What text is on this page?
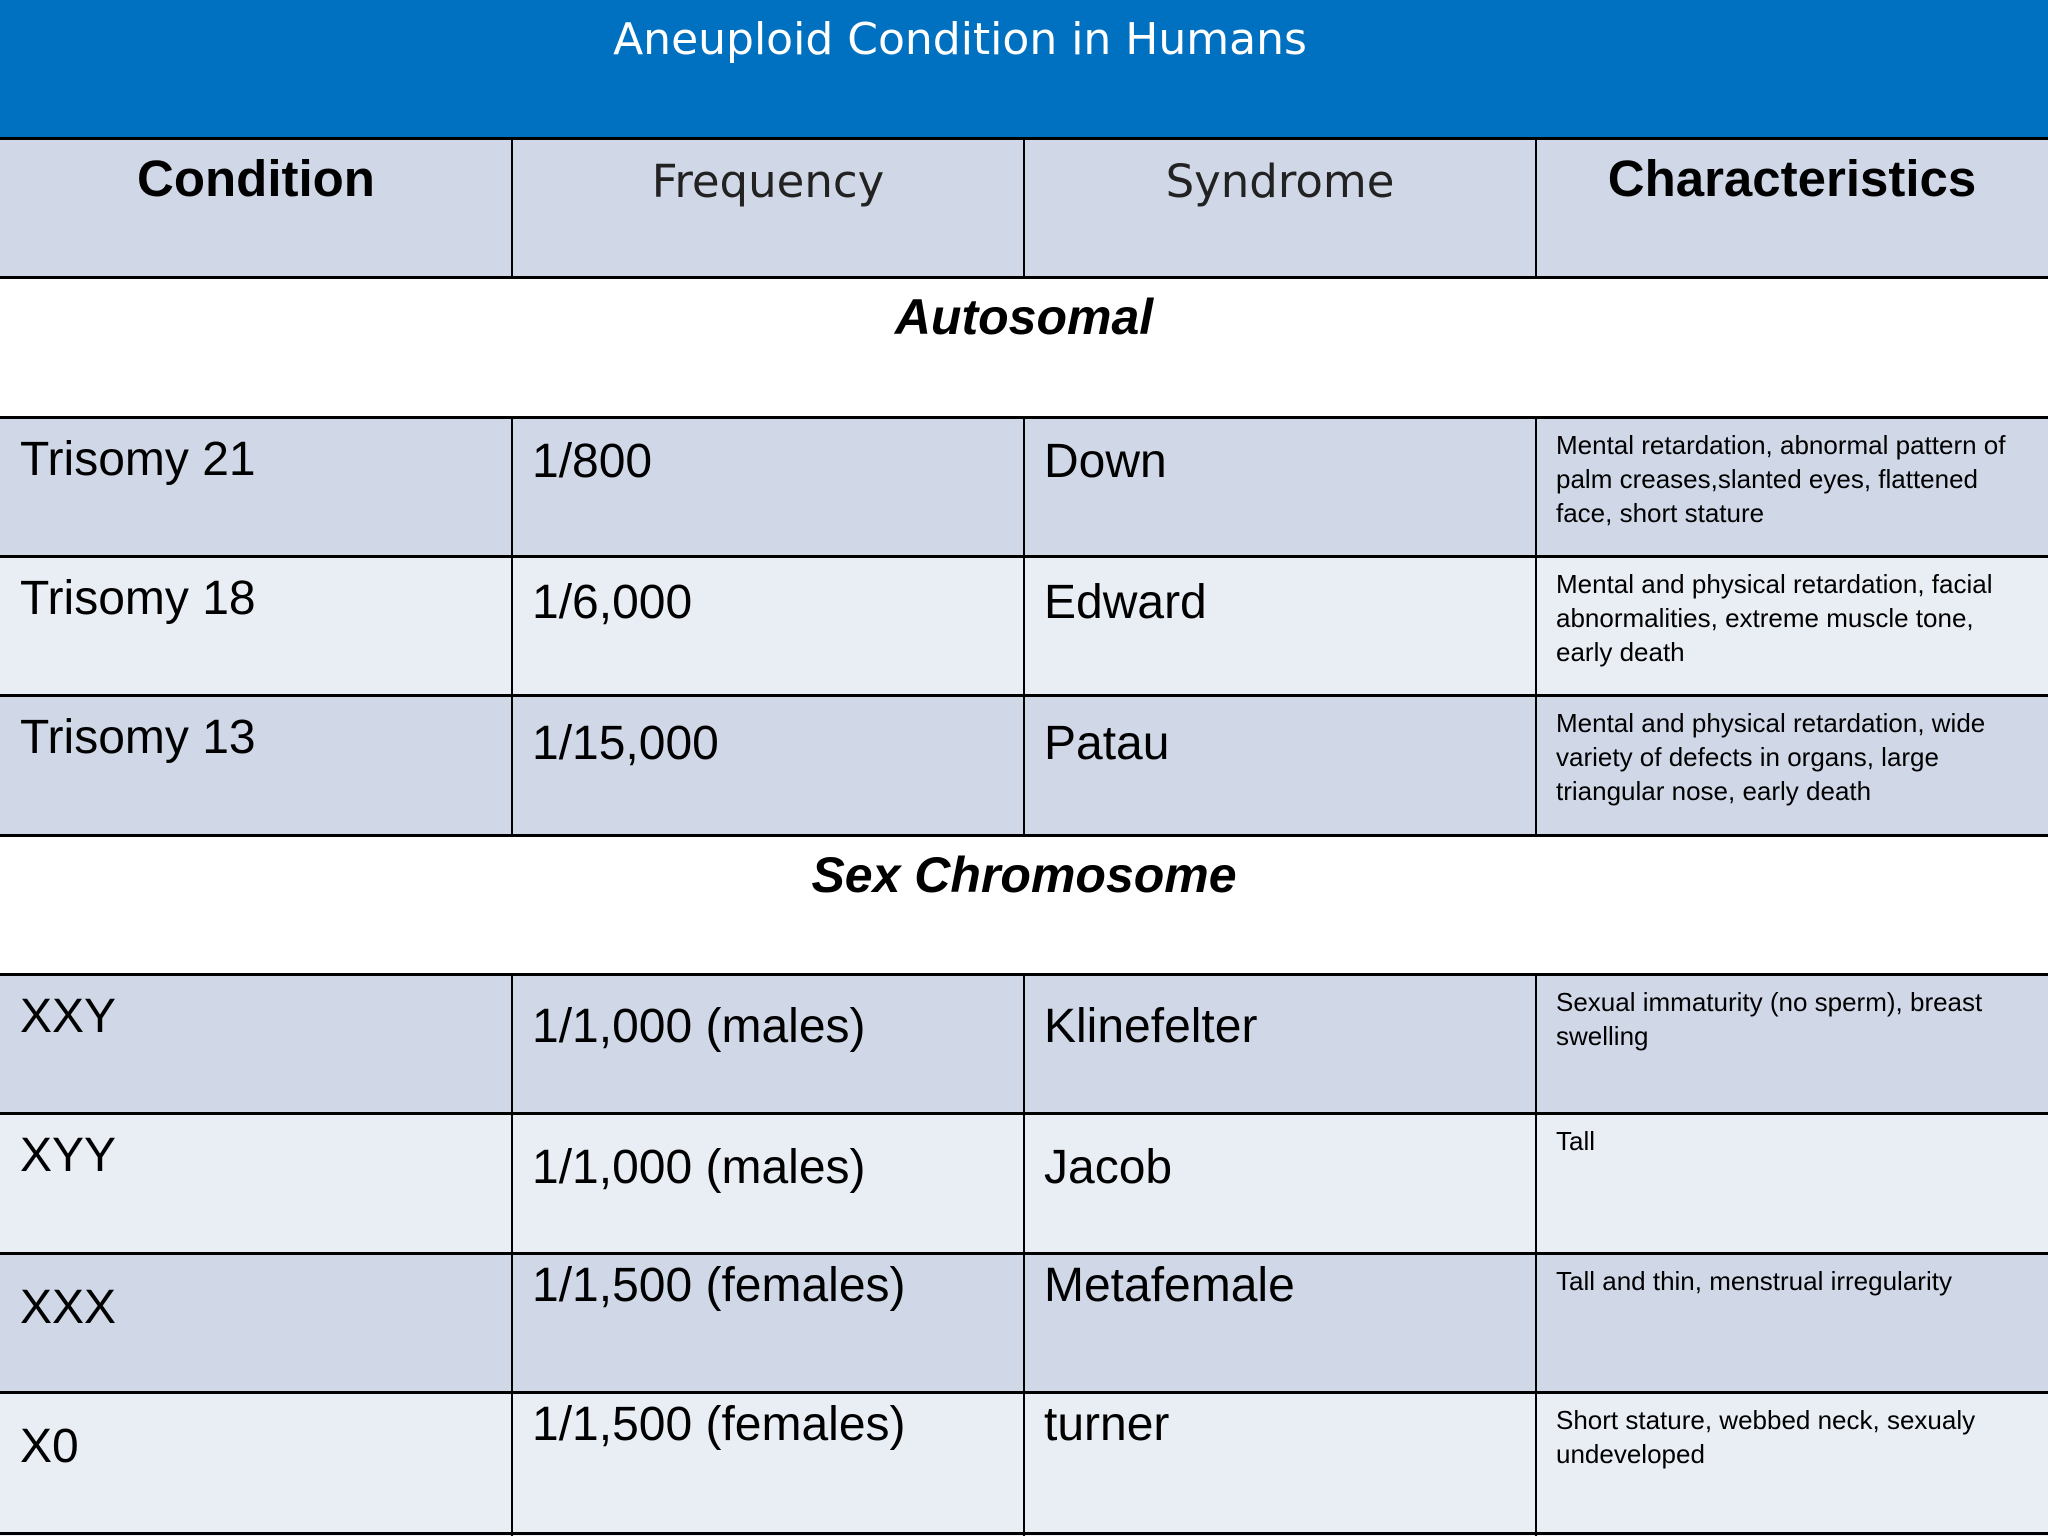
Aneuploid Condition in Humans
Condition	Frequency	Syndrome	Characteristics
Autosomal
Trisomy 21	1/800	Down	Mental retardation, abnormal pattern of palm creases,slanted eyes, flattened face, short stature
Trisomy 18	1/6,000	Edward	Mental and physical retardation, facial abnormalities, extreme muscle tone, early death
Trisomy 13	1/15,000	Patau	Mental and physical retardation, wide variety of defects in organs, large triangular nose, early death
Sex Chromosome
XXY	1/1,000 (males)	Klinefelter	Sexual immaturity (no sperm), breast swelling
XYY	1/1,000 (males)	Jacob	Tall
XXX	1/1,500 (females)	Metafemale	Tall and thin, menstrual irregularity
X0	1/1,500 (females)	turner	Short stature, webbed neck, sexualy undeveloped
